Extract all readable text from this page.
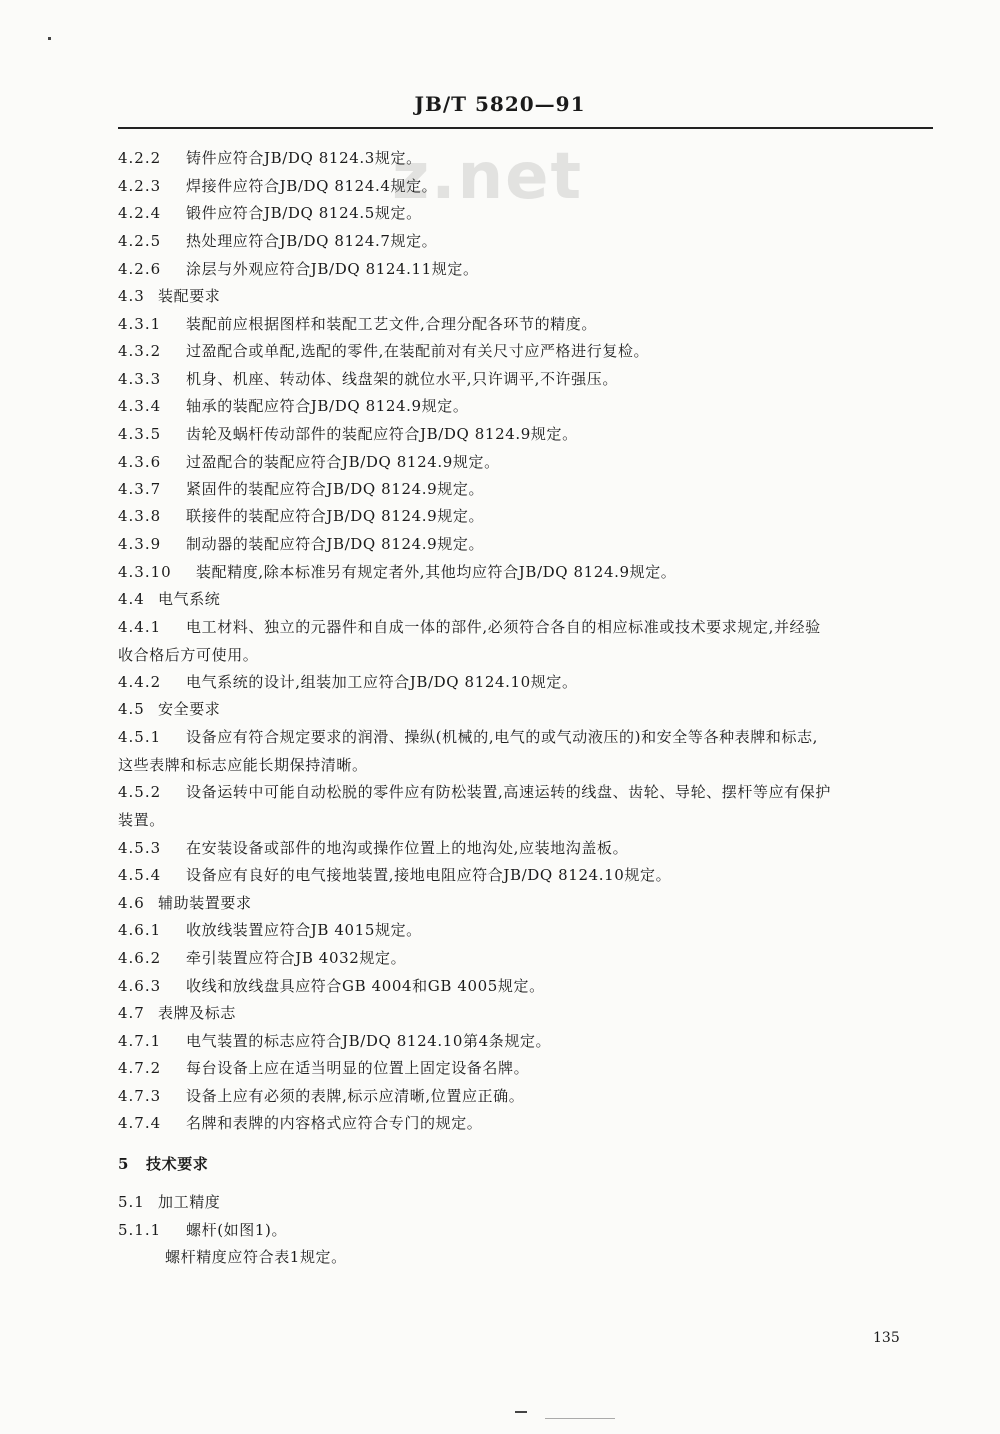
JB/T 5820—91
z.net
4.2.2 铸件应符合JB/DQ 8124.3规定。
4.2.3 焊接件应符合JB/DQ 8124.4规定。
4.2.4 锻件应符合JB/DQ 8124.5规定。
4.2.5 热处理应符合JB/DQ 8124.7规定。
4.2.6 涂层与外观应符合JB/DQ 8124.11规定。
4.3 装配要求
4.3.1 装配前应根据图样和装配工艺文件,合理分配各环节的精度。
4.3.2 过盈配合或单配,选配的零件,在装配前对有关尺寸应严格进行复检。
4.3.3 机身、机座、转动体、线盘架的就位水平,只许调平,不许强压。
4.3.4 轴承的装配应符合JB/DQ 8124.9规定。
4.3.5 齿轮及蜗杆传动部件的装配应符合JB/DQ 8124.9规定。
4.3.6 过盈配合的装配应符合JB/DQ 8124.9规定。
4.3.7 紧固件的装配应符合JB/DQ 8124.9规定。
4.3.8 联接件的装配应符合JB/DQ 8124.9规定。
4.3.9 制动器的装配应符合JB/DQ 8124.9规定。
4.3.10 装配精度,除本标准另有规定者外,其他均应符合JB/DQ 8124.9规定。
4.4 电气系统
4.4.1 电工材料、独立的元器件和自成一体的部件,必须符合各自的相应标准或技术要求规定,并经验
收合格后方可使用。
4.4.2 电气系统的设计,组装加工应符合JB/DQ 8124.10规定。
4.5 安全要求
4.5.1 设备应有符合规定要求的润滑、操纵(机械的,电气的或气动液压的)和安全等各种表牌和标志,
这些表牌和标志应能长期保持清晰。
4.5.2 设备运转中可能自动松脱的零件应有防松装置,高速运转的线盘、齿轮、导轮、摆杆等应有保护
装置。
4.5.3 在安装设备或部件的地沟或操作位置上的地沟处,应装地沟盖板。
4.5.4 设备应有良好的电气接地装置,接地电阻应符合JB/DQ 8124.10规定。
4.6 辅助装置要求
4.6.1 收放线装置应符合JB 4015规定。
4.6.2 牵引装置应符合JB 4032规定。
4.6.3 收线和放线盘具应符合GB 4004和GB 4005规定。
4.7 表牌及标志
4.7.1 电气装置的标志应符合JB/DQ 8124.10第4条规定。
4.7.2 每台设备上应在适当明显的位置上固定设备名牌。
4.7.3 设备上应有必须的表牌,标示应清晰,位置应正确。
4.7.4 名牌和表牌的内容格式应符合专门的规定。
5 技术要求
5.1 加工精度
5.1.1 螺杆(如图1)。
螺杆精度应符合表1规定。
135
